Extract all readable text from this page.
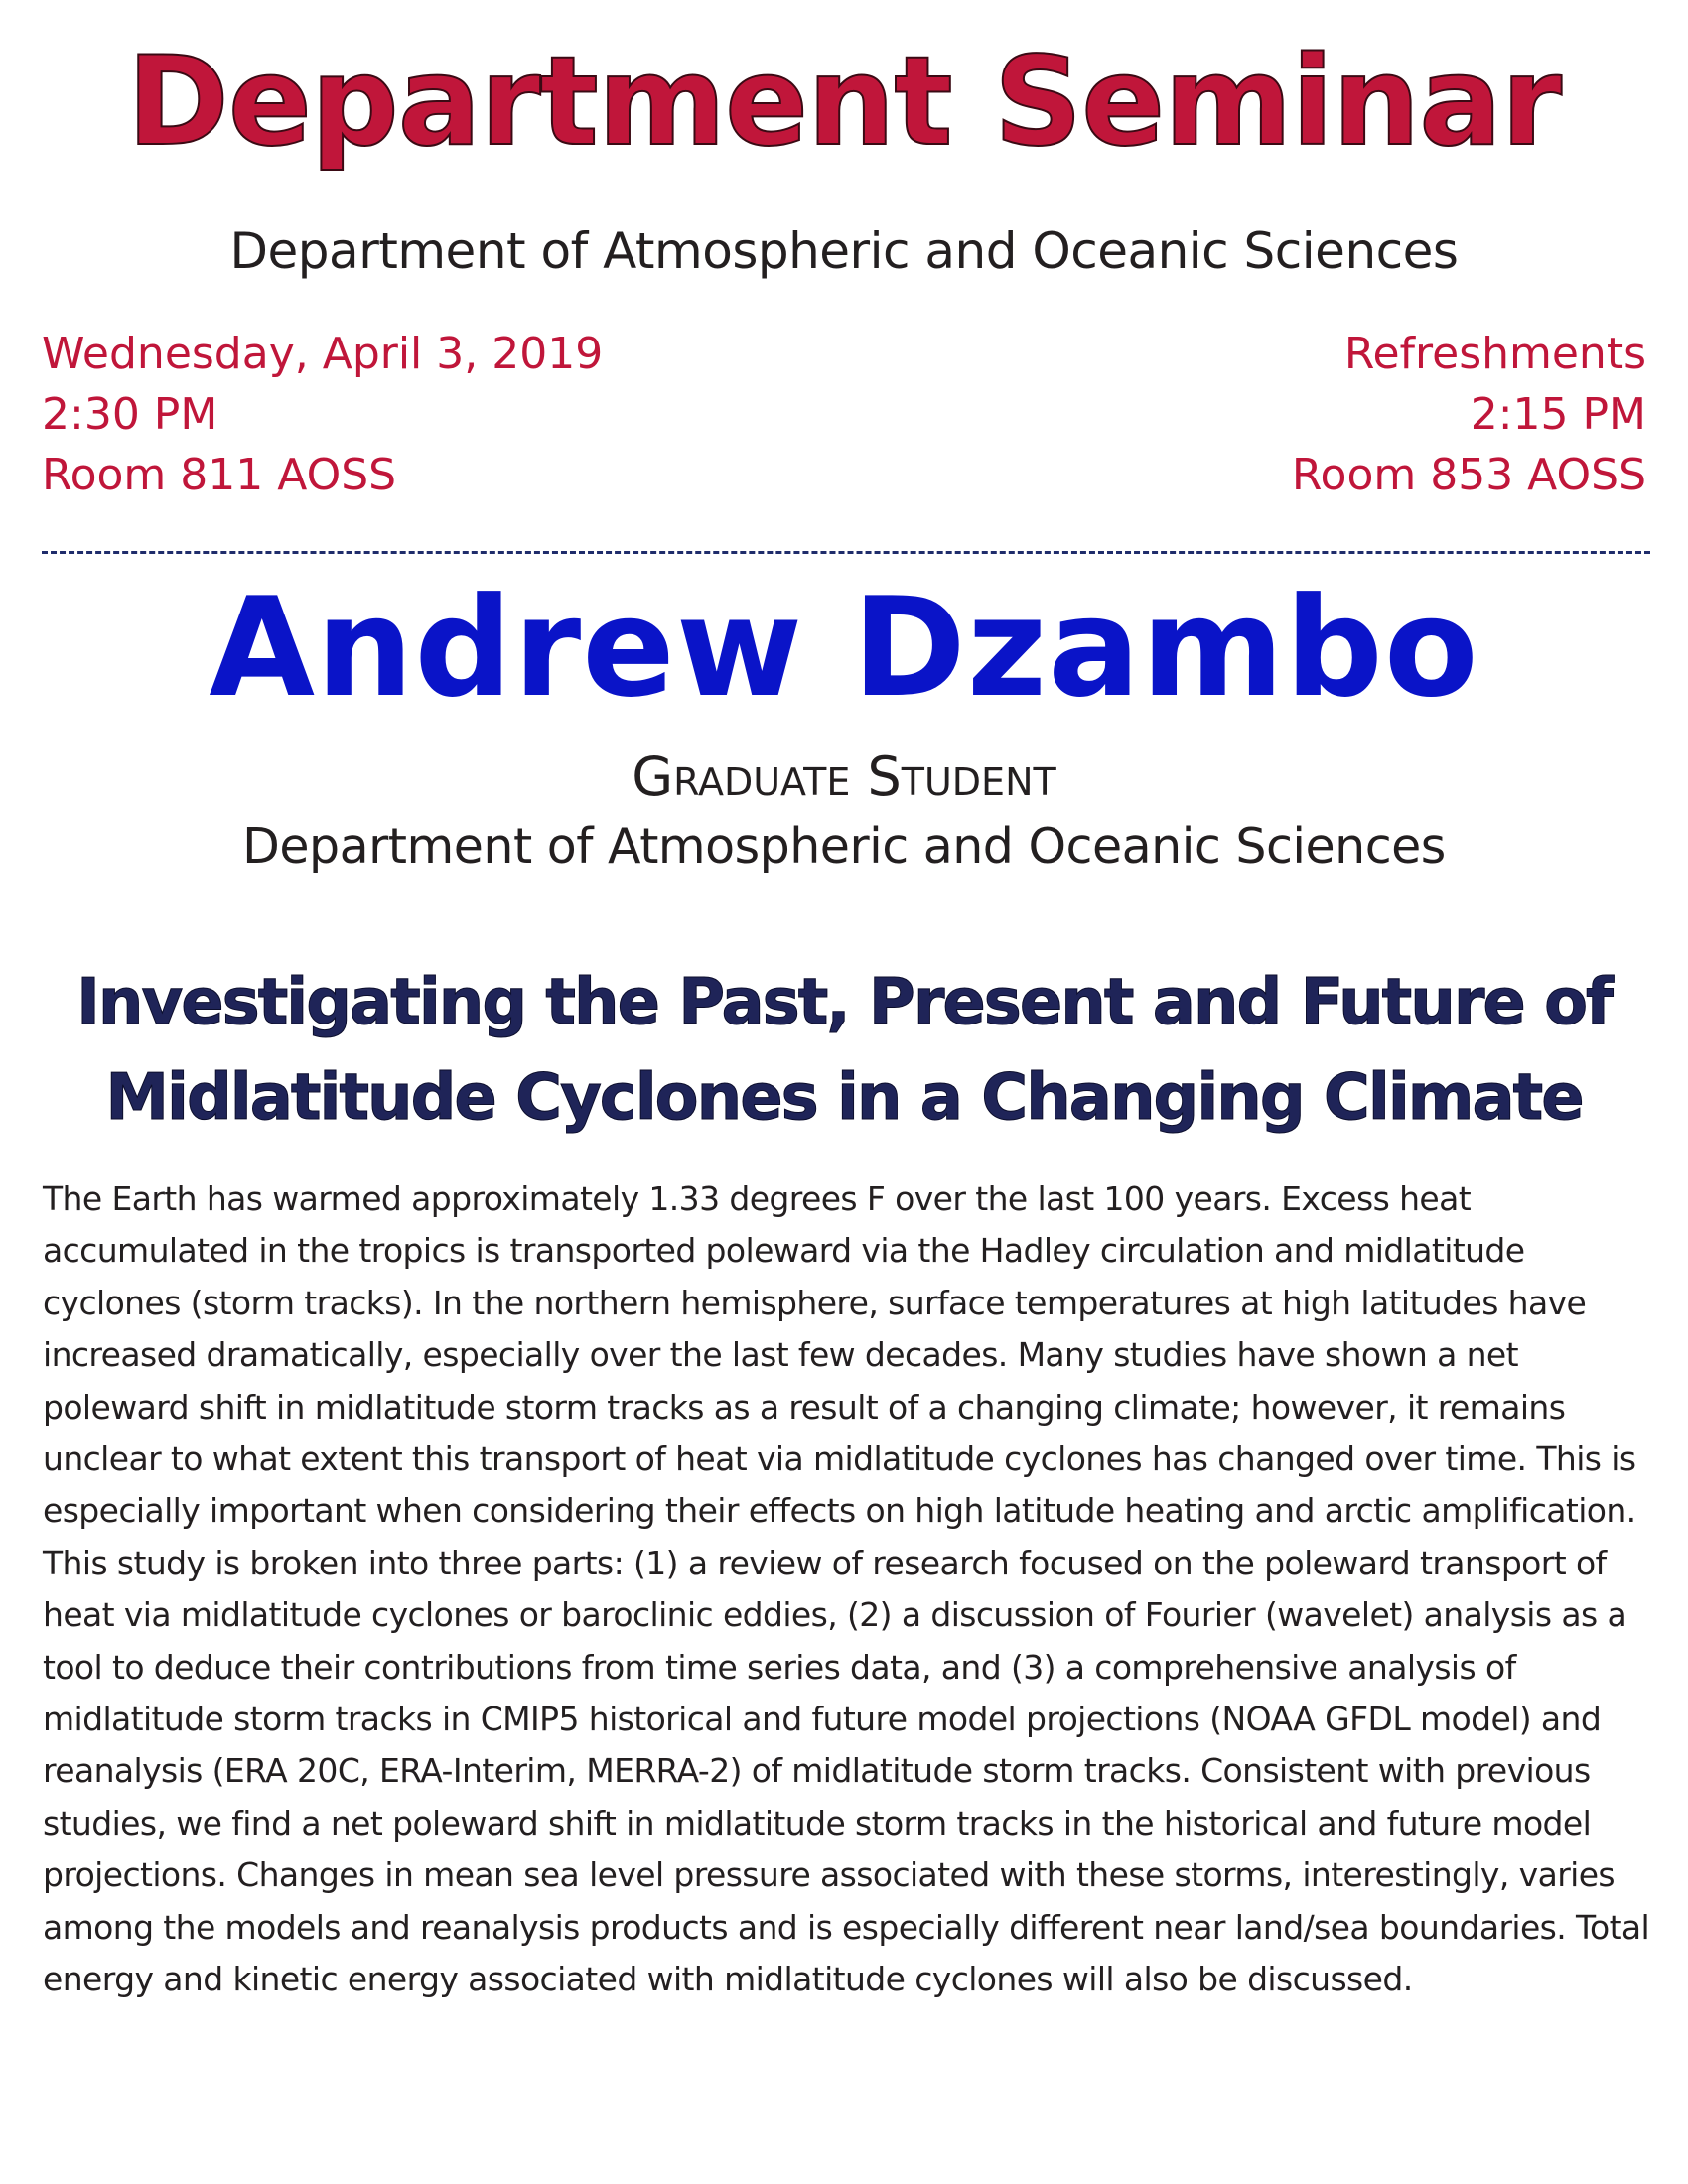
Department Seminar
Department of Atmospheric and Oceanic Sciences
Wednesday, April 3, 2019
2:30 PM
Room 811 AOSS
Refreshments
2:15 PM
Room 853 AOSS
Andrew Dzambo
Graduate Student
Department of Atmospheric and Oceanic Sciences
Investigating the Past, Present and Future of
Midlatitude Cyclones in a Changing Climate

The Earth has warmed approximately 1.33 degrees F over the last 100 years. Excess heat accumulated in the tropics is transported poleward via the Hadley circulation and midlatitude cyclones (storm tracks). In the northern hemisphere, surface temperatures at high latitudes have increased dramatically, especially over the last few decades. Many studies have shown a net poleward shift in midlatitude storm tracks as a result of a changing climate; however, it remains unclear to what extent this transport of heat via midlatitude cyclones has changed over time. This is especially important when considering their effects on high latitude heating and arctic amplification.

This study is broken into three parts: (1) a review of research focused on the poleward transport of heat via midlatitude cyclones or baroclinic eddies, (2) a discussion of Fourier (wavelet) analysis as a tool to deduce their contributions from time series data, and (3) a comprehensive analysis of midlatitude storm tracks in CMIP5 historical and future model projections (NOAA GFDL model) and reanalysis (ERA 20C, ERA-Interim, MERRA-2) of midlatitude storm tracks. Consistent with previous studies, we find a net poleward shift in midlatitude storm tracks in the historical and future model projections. Changes in mean sea level pressure associated with these storms, interestingly, varies among the models and reanalysis products and is especially different near land/sea boundaries. Total energy and kinetic energy associated with midlatitude cyclones will also be discussed.
